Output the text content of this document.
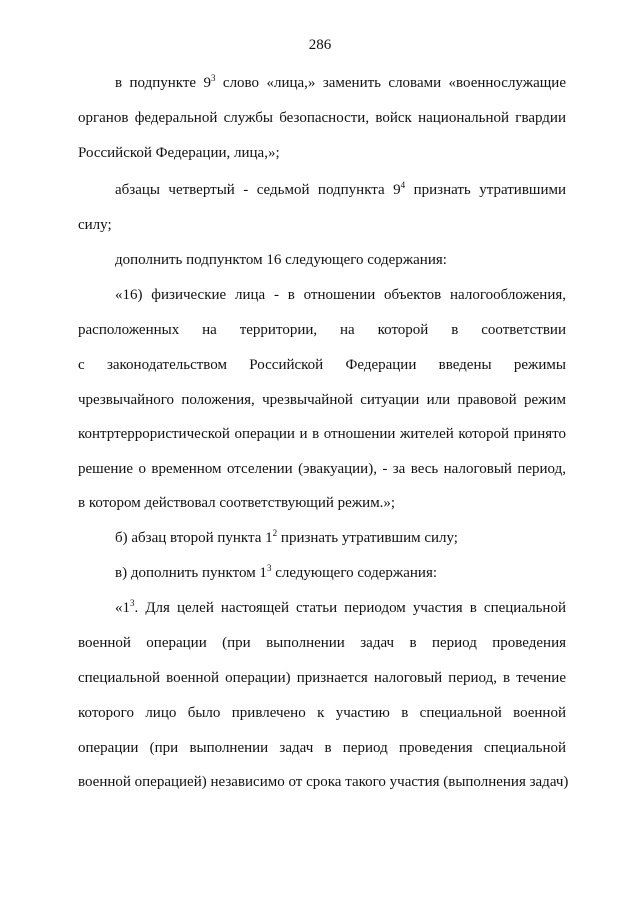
286
в подпункте $9^3$ слово «лица,» заменить словами «военнослужащие
органов федеральной службы безопасности, войск национальной гвардии
Российской Федерации, лица,»;
абзацы четвертый - седьмой подпункта $9^4$ признать утратившими
силу;
дополнить подпунктом 16 следующего содержания:
«16) физические лица - в отношении объектов налогообложения,
расположенных на территории, на которой в соответствии
с законодательством Российской Федерации введены режимы
чрезвычайного положения, чрезвычайной ситуации или правовой режим
контртеррористической операции и в отношении жителей которой принято
решение о временном отселении (эвакуации), - за весь налоговый период,
в котором действовал соответствующий режим.»;
б) абзац второй пункта $1^2$ признать утратившим силу;
в) дополнить пунктом $1^3$ следующего содержания:
«$1^3$. Для целей настоящей статьи периодом участия в специальной
военной операции (при выполнении задач в период проведения
специальной военной операции) признается налоговый период, в течение
которого лицо было привлечено к участию в специальной военной
операции (при выполнении задач в период проведения специальной
военной операцией) независимо от срока такого участия (выполнения задач)
